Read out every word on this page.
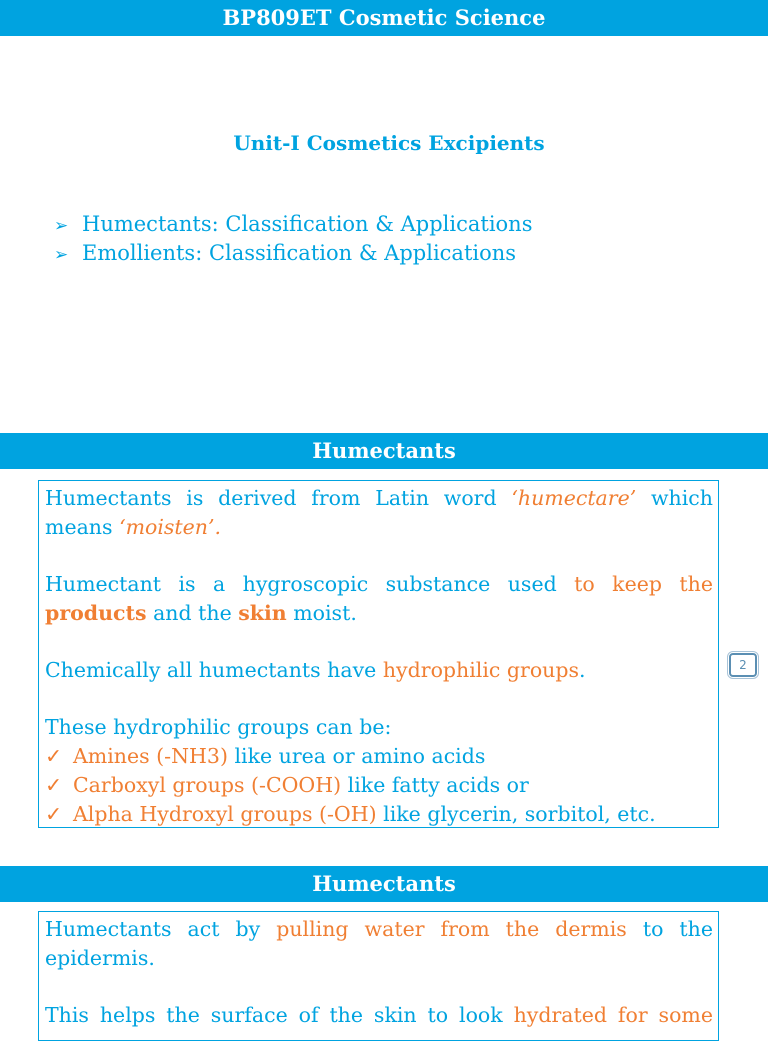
BP809ET Cosmetic Science
Unit-I Cosmetics Excipients
➢ Humectants: Classification & Applications
➢ Emollients: Classification & Applications
Humectants

Humectants is derived from Latin word ‘humectare’ which

means ‘moisten’.

Humectant is a hygroscopic substance used to keep the

products and the skin moist.

Chemically all humectants have hydrophilic groups.

These hydrophilic groups can be:

✓ Amines (-NH3) like urea or amino acids

✓ Carboxyl groups (-COOH) like fatty acids or

✓ Alpha Hydroxyl groups (-OH) like glycerin, sorbitol, etc.

2
Humectants

Humectants act by pulling water from the dermis to the

epidermis.

This helps the surface of the skin to look hydrated for some
